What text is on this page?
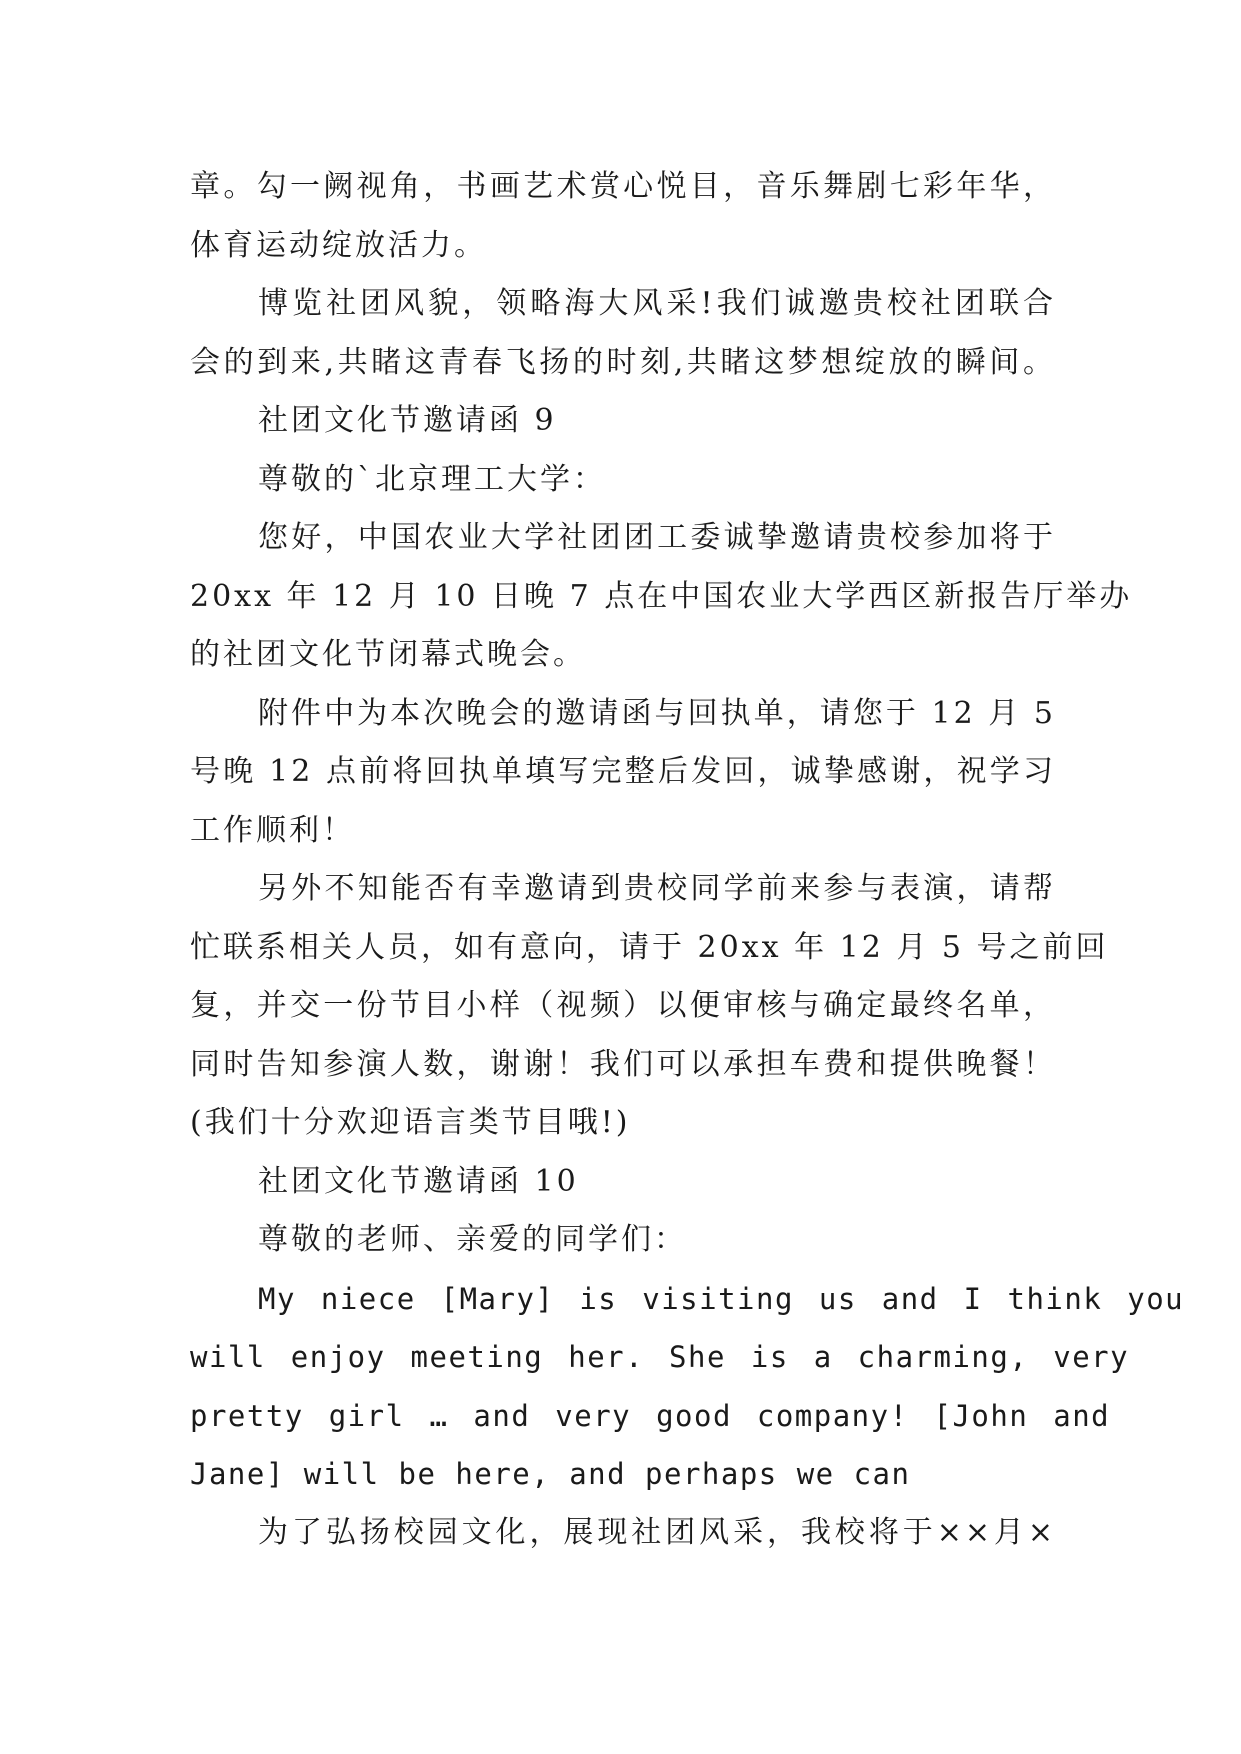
章。勾一阙视角，书画艺术赏心悦目，音乐舞剧七彩年华，
体育运动绽放活力。
博览社团风貌，领略海大风采!我们诚邀贵校社团联合
会的到来,共睹这青春飞扬的时刻,共睹这梦想绽放的瞬间。
社团文化节邀请函 9
尊敬的`北京理工大学：
您好，中国农业大学社团团工委诚挚邀请贵校参加将于
20xx 年 12 月 10 日晚 7 点在中国农业大学西区新报告厅举办
的社团文化节闭幕式晚会。
附件中为本次晚会的邀请函与回执单，请您于 12 月 5
号晚 12 点前将回执单填写完整后发回，诚挚感谢，祝学习
工作顺利！
另外不知能否有幸邀请到贵校同学前来参与表演，请帮
忙联系相关人员，如有意向，请于 20xx 年 12 月 5 号之前回
复，并交一份节目小样（视频）以便审核与确定最终名单，
同时告知参演人数，谢谢！我们可以承担车费和提供晚餐！
(我们十分欢迎语言类节目哦!)
社团文化节邀请函 10
尊敬的老师、亲爱的同学们：
My niece [Mary] is visiting us and I think you
will enjoy meeting her. She is a charming, very
pretty girl … and very good company! [John and
Jane] will be here, and perhaps we can
为了弘扬校园文化，展现社团风采，我校将于××月×
